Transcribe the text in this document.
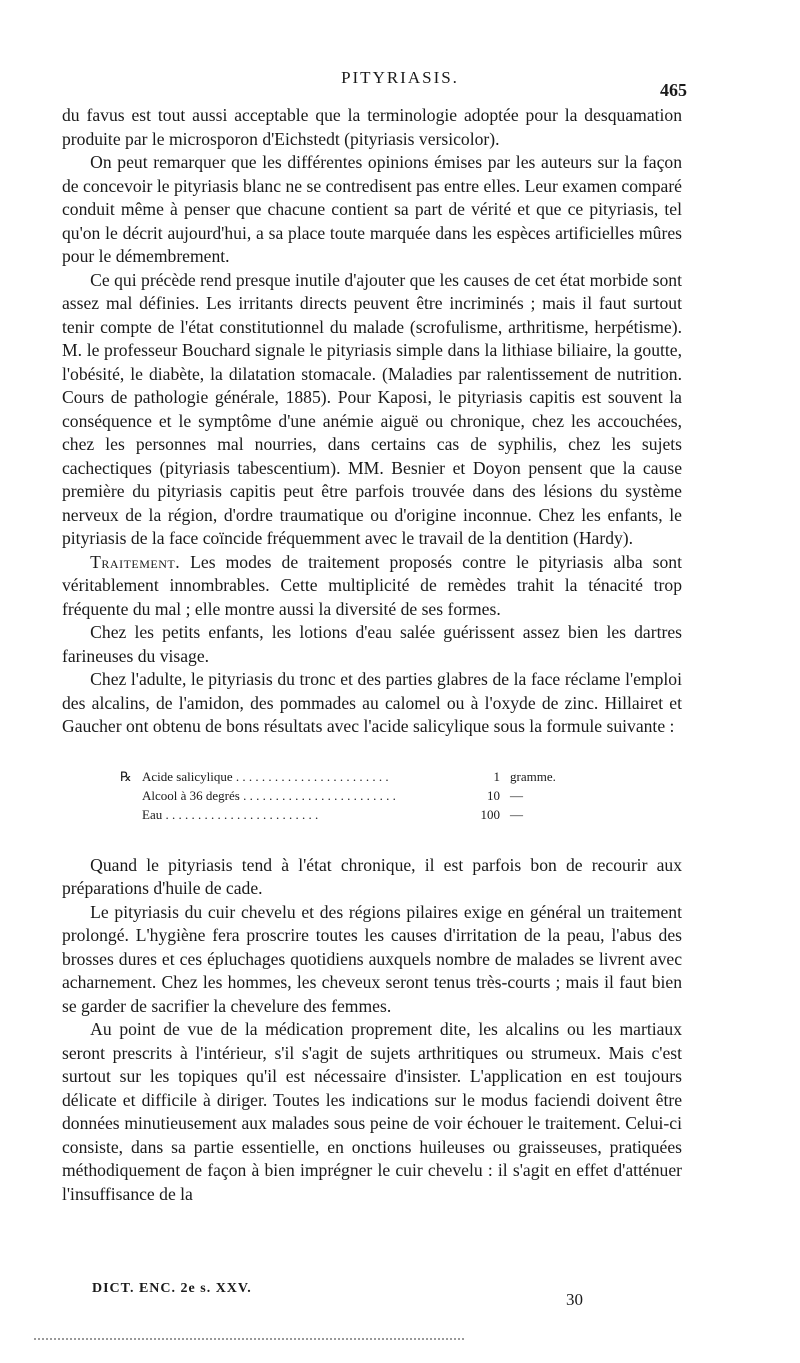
PITYRIASIS.
465

du favus est tout aussi acceptable que la terminologie adoptée pour la desquamation produite par le microsporon d'Eichstedt (pityriasis versicolor).

On peut remarquer que les différentes opinions émises par les auteurs sur la façon de concevoir le pityriasis blanc ne se contredisent pas entre elles. Leur examen comparé conduit même à penser que chacune contient sa part de vérité et que ce pityriasis, tel qu'on le décrit aujourd'hui, a sa place toute marquée dans les espèces artificielles mûres pour le démembrement.

Ce qui précède rend presque inutile d'ajouter que les causes de cet état morbide sont assez mal définies. Les irritants directs peuvent être incriminés ; mais il faut surtout tenir compte de l'état constitutionnel du malade (scrofulisme, arthritisme, herpétisme). M. le professeur Bouchard signale le pityriasis simple dans la lithiase biliaire, la goutte, l'obésité, le diabète, la dilatation stomacale. (Maladies par ralentissement de nutrition. Cours de pathologie générale, 1885). Pour Kaposi, le pityriasis capitis est souvent la conséquence et le symptôme d'une anémie aiguë ou chronique, chez les accouchées, chez les personnes mal nourries, dans certains cas de syphilis, chez les sujets cachectiques (pityriasis tabescentium). MM. Besnier et Doyon pensent que la cause première du pityriasis capitis peut être parfois trouvée dans des lésions du système nerveux de la région, d'ordre traumatique ou d'origine inconnue. Chez les enfants, le pityriasis de la face coïncide fréquemment avec le travail de la dentition (Hardy).

Traitement. Les modes de traitement proposés contre le pityriasis alba sont véritablement innombrables. Cette multiplicité de remèdes trahit la ténacité trop fréquente du mal ; elle montre aussi la diversité de ses formes.

Chez les petits enfants, les lotions d'eau salée guérissent assez bien les dartres farineuses du visage.

Chez l'adulte, le pityriasis du tronc et des parties glabres de la face réclame l'emploi des alcalins, de l'amidon, des pommades au calomel ou à l'oxyde de zinc. Hillairet et Gaucher ont obtenu de bons résultats avec l'acide salicylique sous la formule suivante :

℞ Acide salicylique . . .	1 gramme.
Alcool à 36 degrés . . .	10 —
Eau . . .	100 —

Quand le pityriasis tend à l'état chronique, il est parfois bon de recourir aux préparations d'huile de cade.

Le pityriasis du cuir chevelu et des régions pilaires exige en général un traitement prolongé. L'hygiène fera proscrire toutes les causes d'irritation de la peau, l'abus des brosses dures et ces épluchages quotidiens auxquels nombre de malades se livrent avec acharnement. Chez les hommes, les cheveux seront tenus très-courts ; mais il faut bien se garder de sacrifier la chevelure des femmes.

Au point de vue de la médication proprement dite, les alcalins ou les martiaux seront prescrits à l'intérieur, s'il s'agit de sujets arthritiques ou strumeux. Mais c'est surtout sur les topiques qu'il est nécessaire d'insister. L'application en est toujours délicate et difficile à diriger. Toutes les indications sur le modus faciendi doivent être données minutieusement aux malades sous peine de voir échouer le traitement. Celui-ci consiste, dans sa partie essentielle, en onctions huileuses ou graisseuses, pratiquées méthodiquement de façon à bien imprégner le cuir chevelu : il s'agit en effet d'atténuer l'insuffisance de la

DICT. ENC. 2e s. XXV.
30
